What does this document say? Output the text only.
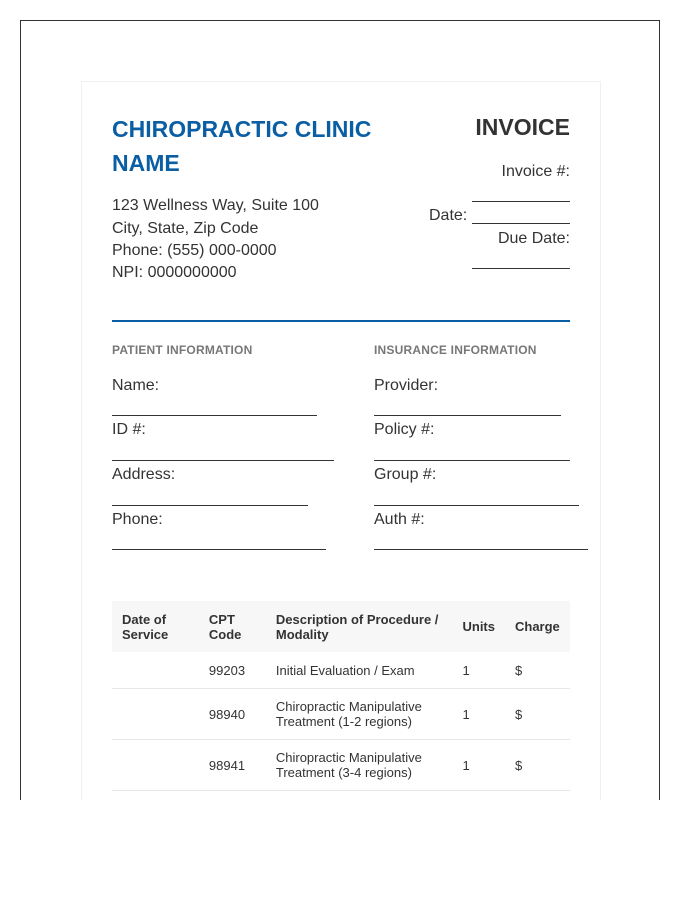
CHIROPRACTIC CLINIC NAME
123 Wellness Way, Suite 100
City, State, Zip Code
Phone: (555) 000-0000
NPI: 0000000000
INVOICE
Invoice #:
Date:
Due Date:
PATIENT INFORMATION
Name:
ID #:
Address:
Phone:
INSURANCE INFORMATION
Provider:
Policy #:
Group #:
Auth #:
Date of Service	CPT Code	Description of Procedure / Modality	Units	Charge
	99203	Initial Evaluation / Exam	1	$
	98940	Chiropractic Manipulative Treatment (1-2 regions)	1	$
	98941	Chiropractic Manipulative Treatment (3-4 regions)	1	$
